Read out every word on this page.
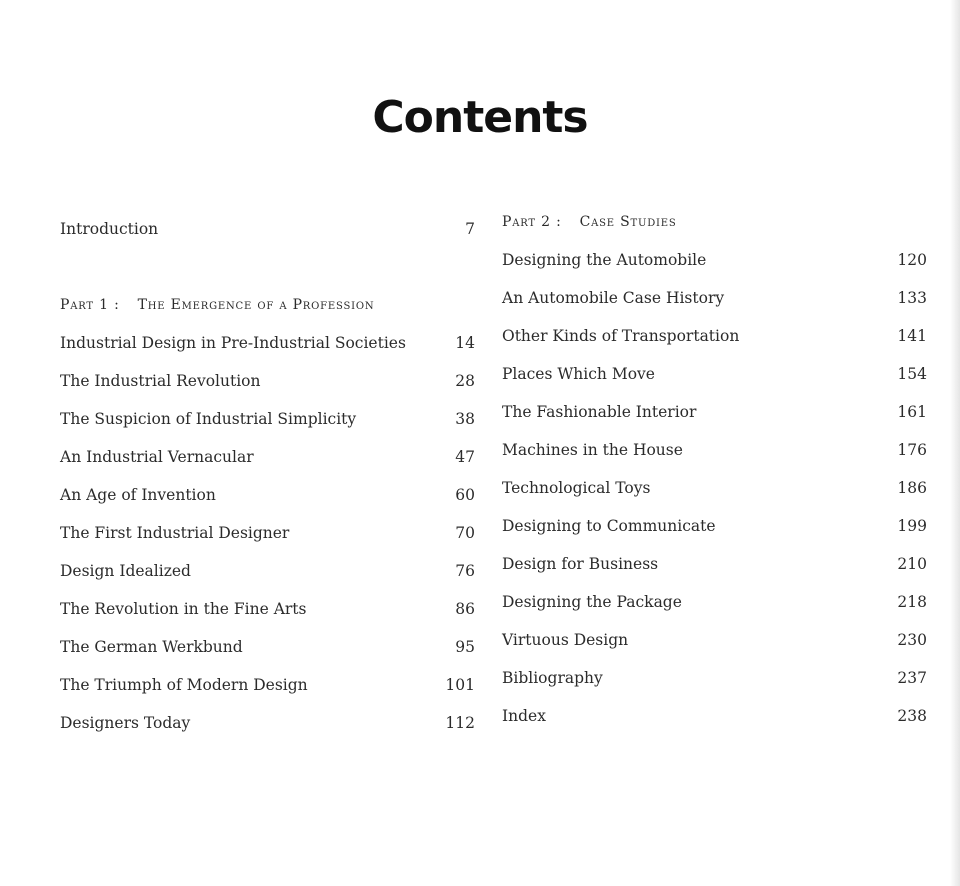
Contents
Introduction	7
Part 1 : The Emergence of a Profession
Industrial Design in Pre-Industrial Societies	14
The Industrial Revolution	28
The Suspicion of Industrial Simplicity	38
An Industrial Vernacular	47
An Age of Invention	60
The First Industrial Designer	70
Design Idealized	76
The Revolution in the Fine Arts	86
The German Werkbund	95
The Triumph of Modern Design	101
Designers Today	112
Part 2 : Case Studies
Designing the Automobile	120
An Automobile Case History	133
Other Kinds of Transportation	141
Places Which Move	154
The Fashionable Interior	161
Machines in the House	176
Technological Toys	186
Designing to Communicate	199
Design for Business	210
Designing the Package	218
Virtuous Design	230
Bibliography	237
Index	238
